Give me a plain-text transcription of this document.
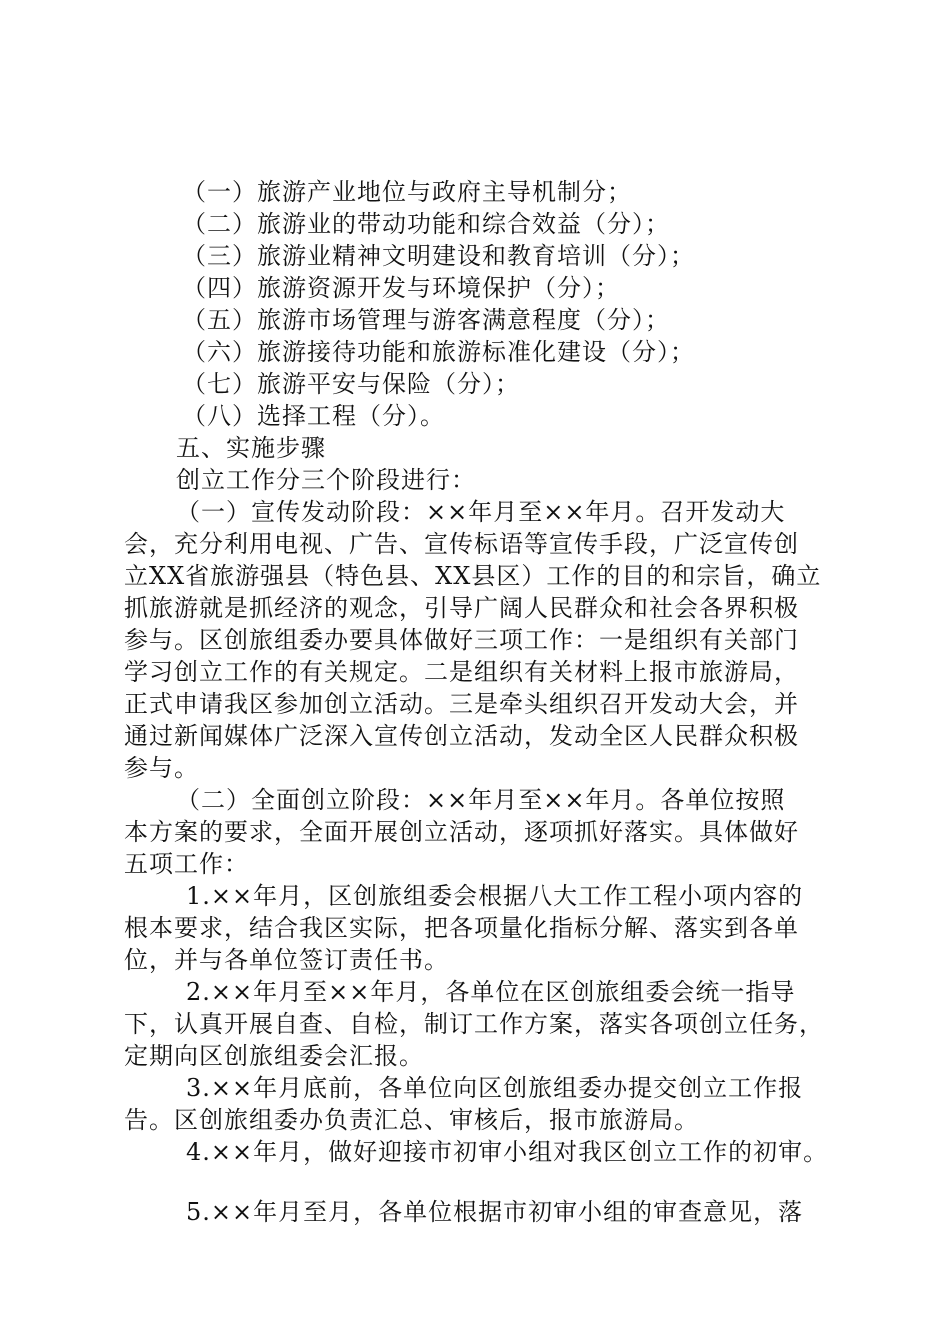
（一）旅游产业地位与政府主导机制分；
（二）旅游业的带动功能和综合效益（分）；
（三）旅游业精神文明建设和教育培训（分）；
（四）旅游资源开发与环境保护（分）；
（五）旅游市场管理与游客满意程度（分）；
（六）旅游接待功能和旅游标准化建设（分）；
（七）旅游平安与保险（分）；
（八）选择工程（分）。
五、实施步骤
创立工作分三个阶段进行：
（一）宣传发动阶段：××年月至××年月。召开发动大
会，充分利用电视、广告、宣传标语等宣传手段，广泛宣传创
立XX省旅游强县（特色县、XX县区）工作的目的和宗旨，确立
抓旅游就是抓经济的观念，引导广阔人民群众和社会各界积极
参与。区创旅组委办要具体做好三项工作：一是组织有关部门
学习创立工作的有关规定。二是组织有关材料上报市旅游局，
正式申请我区参加创立活动。三是牵头组织召开发动大会，并
通过新闻媒体广泛深入宣传创立活动，发动全区人民群众积极
参与。
（二）全面创立阶段：××年月至××年月。各单位按照
本方案的要求，全面开展创立活动，逐项抓好落实。具体做好
五项工作：
1.××年月，区创旅组委会根据八大工作工程小项内容的
根本要求，结合我区实际，把各项量化指标分解、落实到各单
位，并与各单位签订责任书。
2.××年月至××年月，各单位在区创旅组委会统一指导
下，认真开展自查、自检，制订工作方案，落实各项创立任务，
定期向区创旅组委会汇报。
3.××年月底前，各单位向区创旅组委办提交创立工作报
告。区创旅组委办负责汇总、审核后，报市旅游局。
4.××年月，做好迎接市初审小组对我区创立工作的初审。
5.××年月至月，各单位根据市初审小组的审查意见，落
